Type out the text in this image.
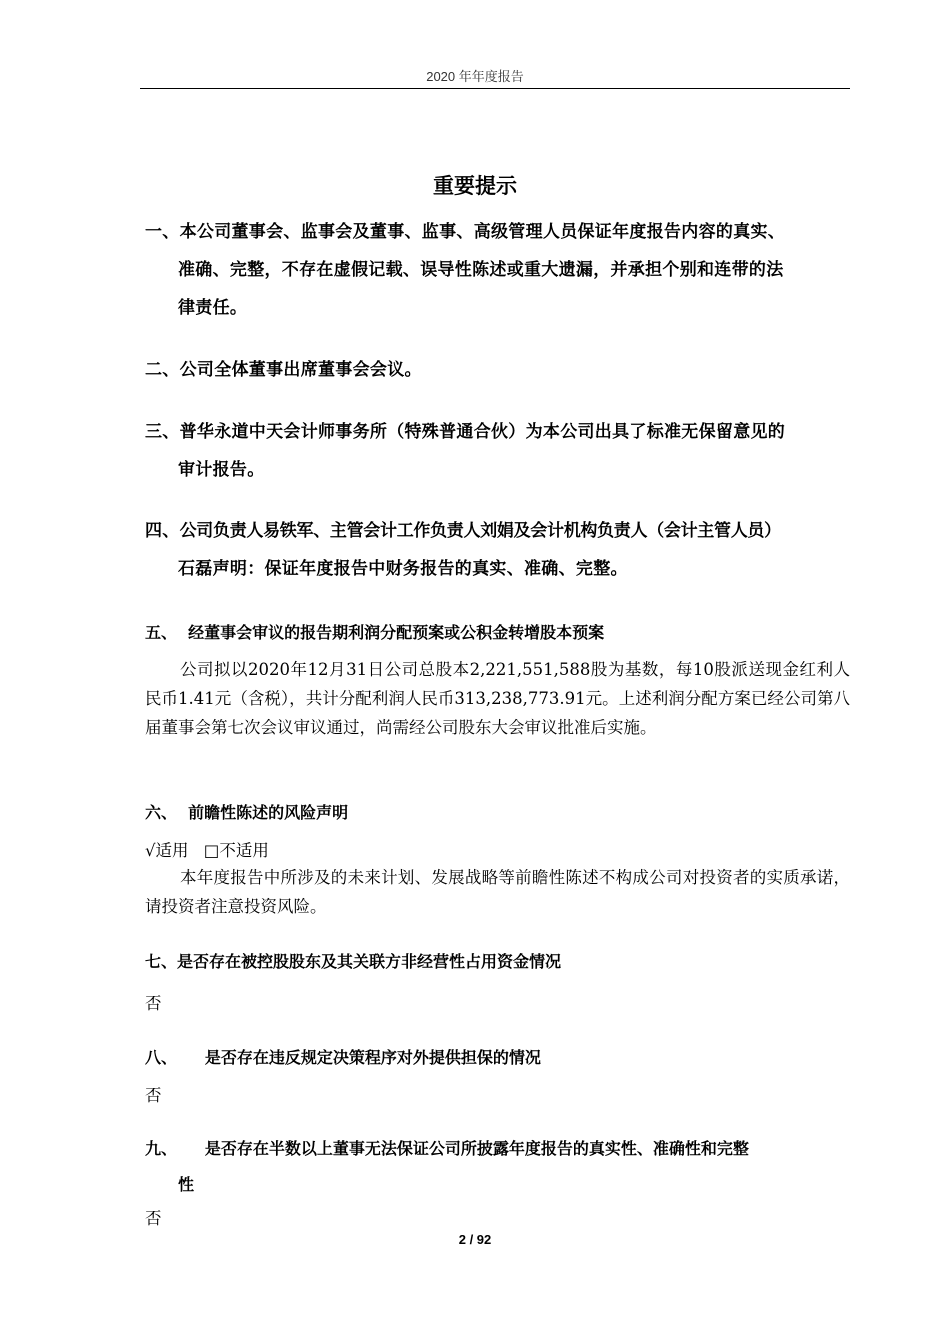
2020 年年度报告
重要提示
一、本公司董事会、监事会及董事、监事、高级管理人员保证年度报告内容的真实、
准确、完整，不存在虚假记载、误导性陈述或重大遗漏，并承担个别和连带的法
律责任。
二、公司全体董事出席董事会会议。
三、普华永道中天会计师事务所（特殊普通合伙）为本公司出具了标准无保留意见的
审计报告。
四、公司负责人易铁军、主管会计工作负责人刘娟及会计机构负责人（会计主管人员）
石磊声明：保证年度报告中财务报告的真实、准确、完整。
五、 经董事会审议的报告期利润分配预案或公积金转增股本预案
公司拟以2020年12月31日公司总股本2,221,551,588股为基数，每10股派送现金红利人民币1.41元（含税），共计分配利润人民币313,238,773.91元。上述利润分配方案已经公司第八届董事会第七次会议审议通过，尚需经公司股东大会审议批准后实施。
六、 前瞻性陈述的风险声明
√适用 □不适用
本年度报告中所涉及的未来计划、发展战略等前瞻性陈述不构成公司对投资者的实质承诺，请投资者注意投资风险。
七、是否存在被控股股东及其关联方非经营性占用资金情况
否
八、 是否存在违反规定决策程序对外提供担保的情况
否
九、 是否存在半数以上董事无法保证公司所披露年度报告的真实性、准确性和完整
性
否
2 / 92
